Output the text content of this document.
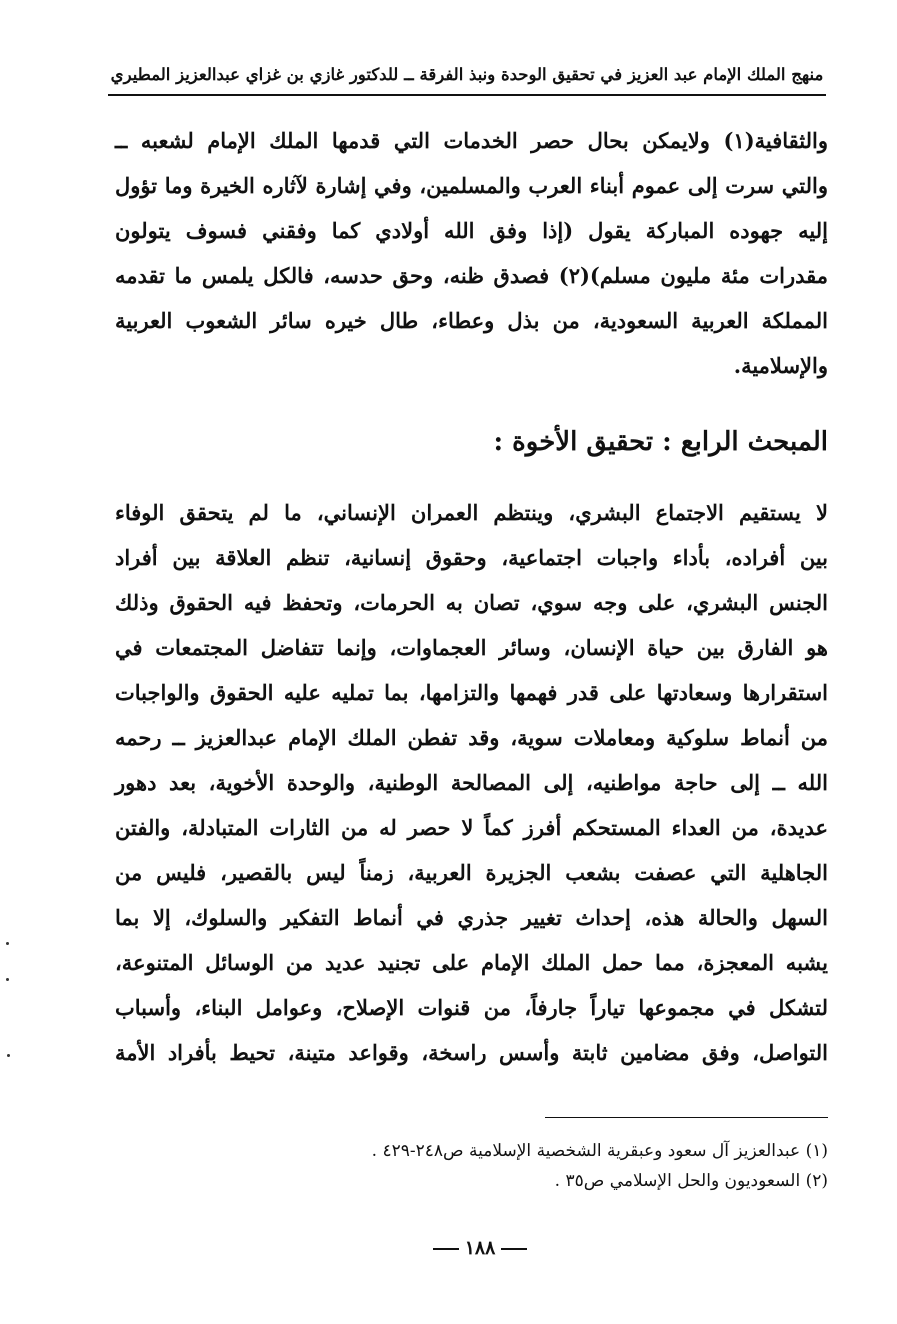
منهج الملك الإمام عبد العزيز في تحقيق الوحدة ونبذ الفرقة ــ للدكتور غازي بن غزاي عبدالعزيز المطيري
والثقافية(١) ولايمكن بحال حصر الخدمات التي قدمها الملك الإمام لشعبه ــ
والتي سرت إلى عموم أبناء العرب والمسلمين، وفي إشارة لآثاره الخيرة وما تؤول
إليه جهوده المباركة يقول (إذا وفق الله أولادي كما وفقني فسوف يتولون
مقدرات مئة مليون مسلم)(٢) فصدق ظنه، وحق حدسه، فالكل يلمس ما تقدمه
المملكة العربية السعودية، من بذل وعطاء، طال خيره سائر الشعوب العربية
والإسلامية.
المبحث الرابع : تحقيق الأخوة :
لا يستقيم الاجتماع البشري، وينتظم العمران الإنساني، ما لم يتحقق الوفاء
بين أفراده، بأداء واجبات اجتماعية، وحقوق إنسانية، تنظم العلاقة بين أفراد
الجنس البشري، على وجه سوي، تصان به الحرمات، وتحفظ فيه الحقوق وذلك
هو الفارق بين حياة الإنسان، وسائر العجماوات، وإنما تتفاضل المجتمعات في
استقرارها وسعادتها على قدر فهمها والتزامها، بما تمليه عليه الحقوق والواجبات
من أنماط سلوكية ومعاملات سوية، وقد تفطن الملك الإمام عبدالعزيز ــ رحمه
الله ــ إلى حاجة مواطنيه، إلى المصالحة الوطنية، والوحدة الأخوية، بعد دهور
عديدة، من العداء المستحكم أفرز كماً لا حصر له من الثارات المتبادلة، والفتن
الجاهلية التي عصفت بشعب الجزيرة العربية، زمناً ليس بالقصير، فليس من
السهل والحالة هذه، إحداث تغيير جذري في أنماط التفكير والسلوك، إلا بما
يشبه المعجزة، مما حمل الملك الإمام على تجنيد عديد من الوسائل المتنوعة،
لتشكل في مجموعها تياراً جارفاً، من قنوات الإصلاح، وعوامل البناء، وأسباب
التواصل، وفق مضامين ثابتة وأسس راسخة، وقواعد متينة، تحيط بأفراد الأمة
(١) عبدالعزيز آل سعود وعبقرية الشخصية الإسلامية ص٢٤٨-٤٢٩ .
(٢) السعوديون والحل الإسلامي ص٣٥ .
١٨٨
